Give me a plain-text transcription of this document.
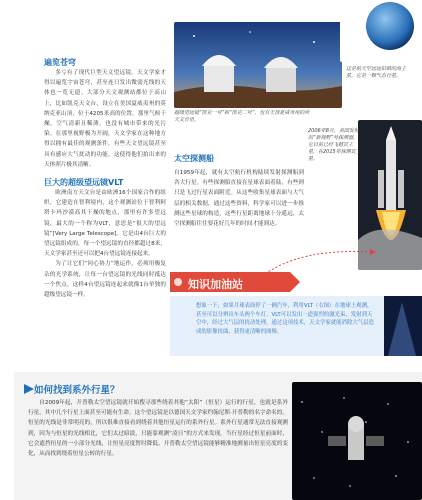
遍览苍穹

多亏有了现代巨型天文望远镜，天文学家才得以遍览宇宙苍穹，甚至连只发出微弱光线的天体也一览无遗。大部分天文观测站都位于高山上，比如凯克天文台，设立在美国夏威夷州的莫纳克亚山顶，位于4205米高的位置。那里气候干燥，空气清新且稀薄，也没有城市带来的光污染。在那里视野极为开阔，天文学家在这种地方得以拥有最佳的观测条件。有些天文望远镜甚至具有感应大气扰动的功能，这使得他们拍出来的天体照片极其清晰。

巨大的超级望远镜VLT

欧洲南方天文台是由欧洲16个国家合作的组织。它建造在智利境内，这个观测站位于智利阿塔卡玛沙漠高其干燥的地点，那里有许多望远镜，最大的一个称为VLT，意思是“很大的望远镜”[Very Large Telescope]。它是由4台巨大的望远镜组成的，每一个望远镜的直径都超过8米，天文学家甚至还可以把4台望远镜连接起来。

为了让它们“同心协力”地运作，必须用极复杂的光学系统，让每一台望远镜的光线同时抵达一个焦点，这样4台望远镜连起来就像1台单独的超级望远镜一样。

超级望远镜“凯克一号”和“凯克二号”，也有天顶夏威夷州的所天文台里。
这是航天空远远拍摄的海王星。它是一颗气态行星。
2006年8月，美国发射的“新视野”号探测器，它目前已经飞越冥王星，在2015年探测冥王星。
太空探测船
自1959年起，就有太空航行机构陆续发射探测船到各大行星。有些探测船直接在星球表面着陆，有些则只是飞过行星表面附近。从这些收集星球表面与大气层的相关数据，通过这些资料，科学家可以进一步推测这些星球的构造，这些行星距离地球十分遥远，太空探测船往往要花好几年的时间才能到达。
知识加油站
想象一下，如果月球表面停了一辆汽车，利用VLT（右图）在地球上观测，甚至可以分辨出车头两个车灯。VLT可以发出一道强烈的激光束，发射到天空中，经过大气层的扰动处理，通过这项技术，天文学家就能消除大气层造成的影像扭曲，获得更清晰的图像。
如何找到系外行星？

自2009年起，开普勒太空望远镜就开始搜寻那些绕着其他“太阳”（恒星）运行的行星，也就是系外行星。其中几个行星上面甚至可能有生命。这个望远镜是以德国天文学家约翰尼斯·开普勒的名字命名的。恒星的光线是非常明亮的，所以很难直接看到绕着其他恒星运行的系外行星。系外行星通常无法直接观测到，因为与恒星的光线相比，它们太过暗淡，只能靠观测“凌日”的方式来发现。当行星经过恒星前面时，它会遮挡恒星的一小部分光线，让恒星亮度暂时降低。开普勒太空望远镜能够精准地测量出恒星亮度的变化，从而找到绕着恒星公转的行星。
